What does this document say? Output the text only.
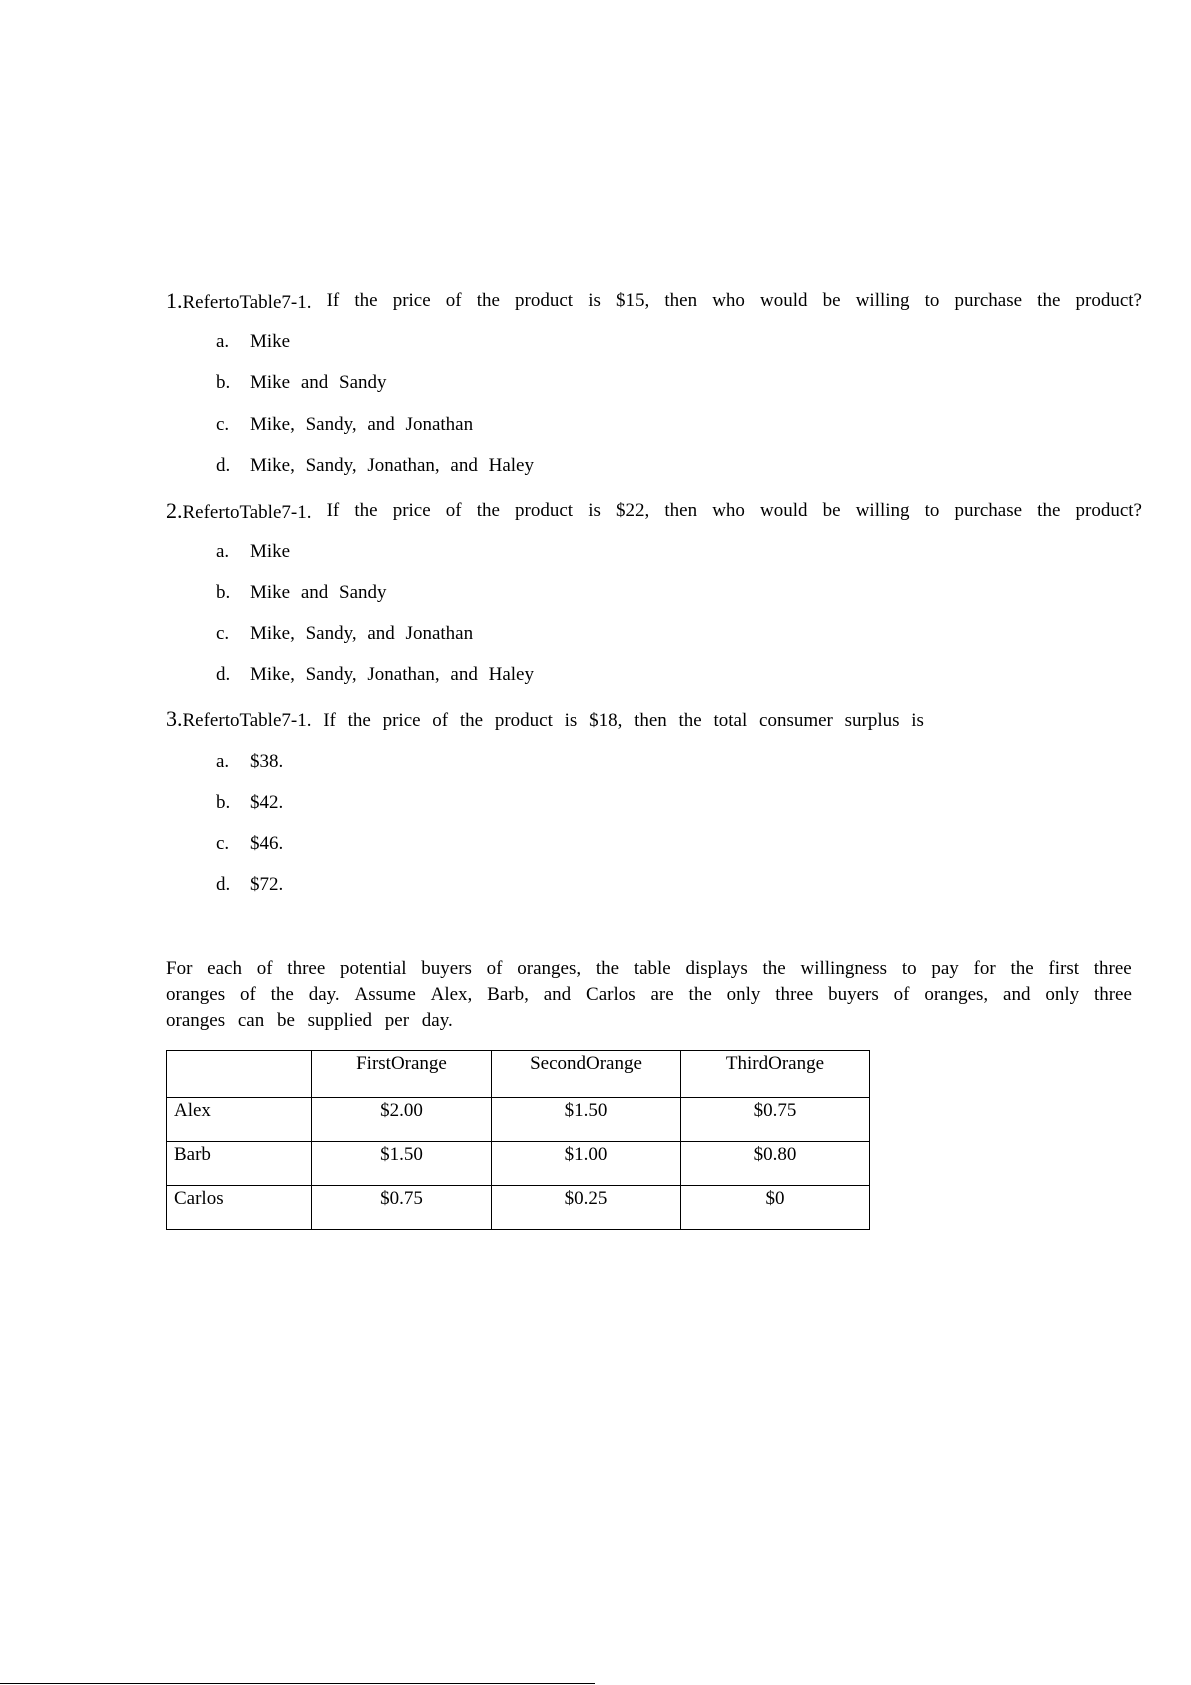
1.RefertoTable7-1. If the price of the product is $15, then who would be willing to purchase the product?
a. Mike
b. Mike and Sandy
c. Mike, Sandy, and Jonathan
d. Mike, Sandy, Jonathan, and Haley
2.RefertoTable7-1. If the price of the product is $22, then who would be willing to purchase the product?
a. Mike
b. Mike and Sandy
c. Mike, Sandy, and Jonathan
d. Mike, Sandy, Jonathan, and Haley
3.RefertoTable7-1. If the price of the product is $18, then the total consumer surplus is
a. $38.
b. $42.
c. $46.
d. $72.
For each of three potential buyers of oranges, the table displays the willingness to pay for the first three
oranges of the day. Assume Alex, Barb, and Carlos are the only three buyers of oranges, and only three
oranges can be supplied per day.
	FirstOrange	SecondOrange	ThirdOrange
Alex	$2.00	$1.50	$0.75
Barb	$1.50	$1.00	$0.80
Carlos	$0.75	$0.25	$0
